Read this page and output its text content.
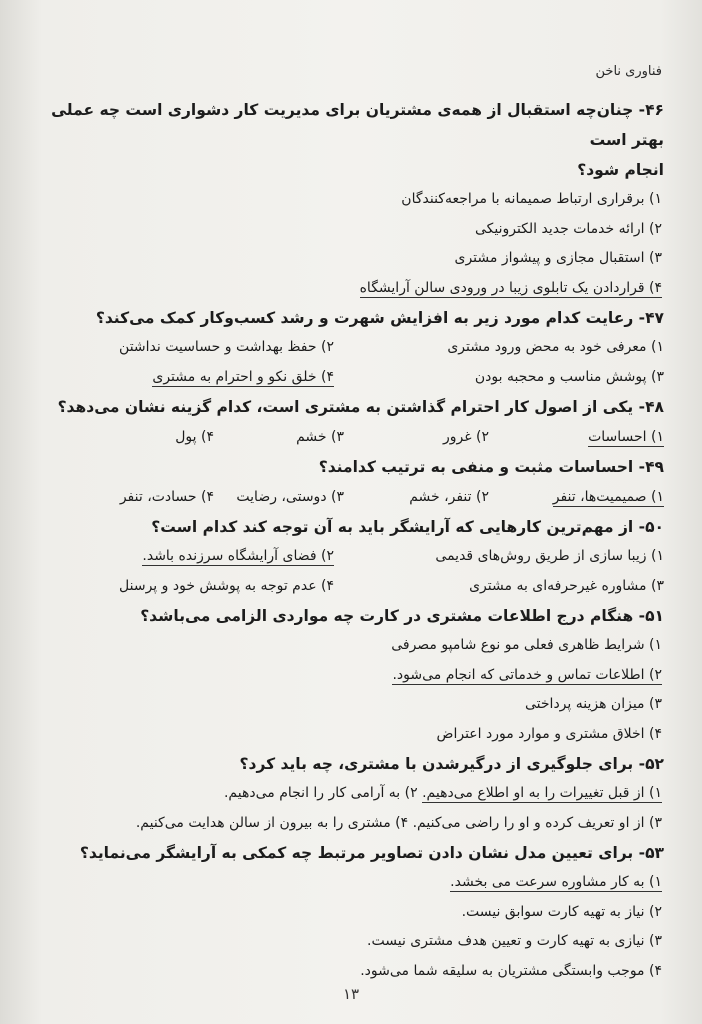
فناوری ناخن

۴۶- چنان‌چه استقبال از همه‌ی مشتریان برای مدیریت کار دشواری است چه عملی بهتر است

انجام شود؟

۱) برقراری ارتباط صمیمانه با مراجعه‌کنندگان

۲) ارائه خدمات جدید الکترونیکی

۳) استقبال مجازی و پیشواز مشتری

۴) قراردادن یک تابلوی زیبا در ورودی سالن آرایشگاه

۴۷- رعایت کدام مورد زیر به افزایش شهرت و رشد کسب‌وکار کمک می‌کند؟

۱) معرفی خود به محض ورود مشتری
۲) حفظ بهداشت و حساسیت نداشتن
۳) پوشش مناسب و محجبه بودن
۴) خلق نکو و احترام به مشتری

۴۸- یکی از اصول کار احترام گذاشتن به مشتری است، کدام گزینه نشان می‌دهد؟

۱) احساسات
۲) غرور
۳) خشم
۴) پول

۴۹- احساسات مثبت و منفی به ترتیب کدامند؟

۱) صمیمیت‌ها، تنفر
۲) تنفر، خشم
۳) دوستی، رضایت
۴) حسادت، تنفر

۵۰- از مهم‌ترین کارهایی که آرایشگر باید به آن توجه کند کدام است؟

۱) زیبا سازی از طریق روش‌های قدیمی
۲) فضای آرایشگاه سرزنده باشد.
۳) مشاوره غیرحرفه‌ای به مشتری
۴) عدم توجه به پوشش خود و پرسنل

۵۱- هنگام درج اطلاعات مشتری در کارت چه مواردی الزامی می‌باشد؟

۱) شرایط ظاهری فعلی مو نوع شامپو مصرفی

۲) اطلاعات تماس و خدماتی که انجام می‌شود.

۳) میزان هزینه پرداختی

۴) اخلاق مشتری و موارد مورد اعتراض

۵۲- برای جلوگیری از درگیرشدن با مشتری، چه باید کرد؟

۱) از قبل تغییرات را به او اطلاع می‌دهیم. ۲) به آرامی کار را انجام می‌دهیم.

۳) از او تعریف کرده و او را راضی می‌کنیم. ۴) مشتری را به بیرون از سالن هدایت می‌کنیم.

۵۳- برای تعیین مدل نشان دادن تصاویر مرتبط چه کمکی به آرایشگر می‌نماید؟

۱) به کار مشاوره سرعت می بخشد.

۲) نیاز به تهیه کارت سوابق نیست.

۳) نیازی به تهیه کارت و تعیین هدف مشتری نیست.

۴) موجب وابستگی مشتریان به سلیقه شما می‌شود.

۱۳
